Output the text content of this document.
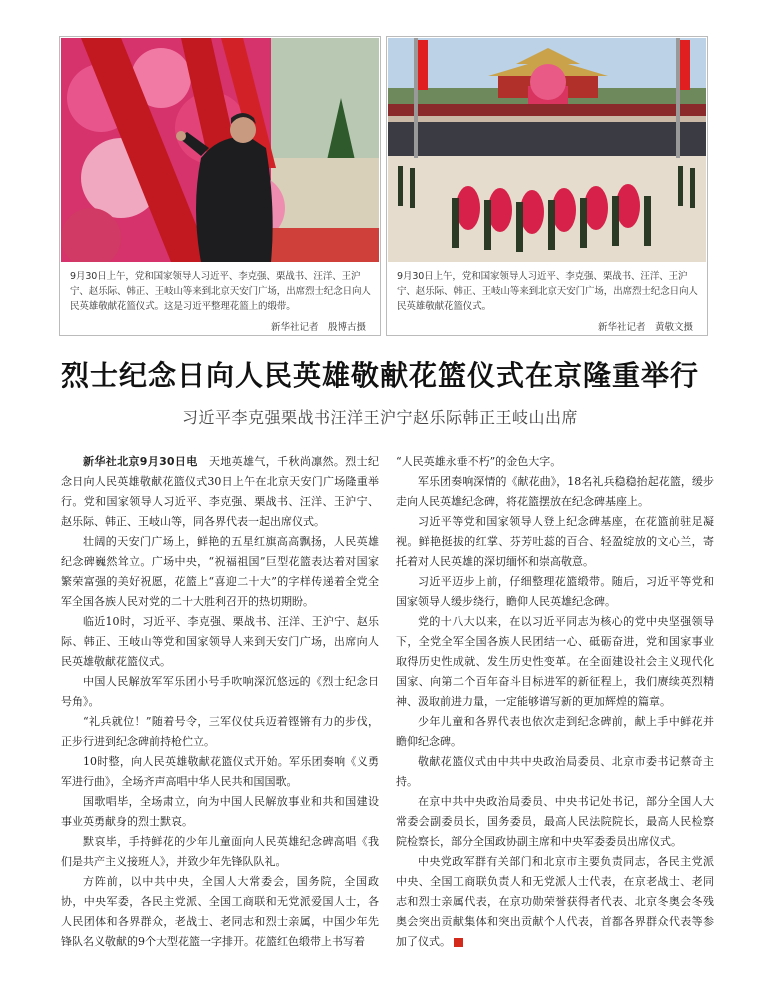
9月30日上午，党和国家领导人习近平、李克强、栗战书、汪洋、王沪宁、赵乐际、韩正、王岐山等来到北京天安门广场，出席烈士纪念日向人民英雄敬献花篮仪式。这是习近平整理花篮上的缎带。
新华社记者　殷博古摄
9月30日上午，党和国家领导人习近平、李克强、栗战书、汪洋、王沪宁、赵乐际、韩正、王岐山等来到北京天安门广场，出席烈士纪念日向人民英雄敬献花篮仪式。
新华社记者　黄敬文摄
烈士纪念日向人民英雄敬献花篮仪式在京隆重举行
习近平李克强栗战书汪洋王沪宁赵乐际韩正王岐山出席

新华社北京9月30日电　天地英雄气，千秋尚凛然。烈士纪念日向人民英雄敬献花篮仪式30日上午在北京天安门广场隆重举行。党和国家领导人习近平、李克强、栗战书、汪洋、王沪宁、赵乐际、韩正、王岐山等，同各界代表一起出席仪式。

壮阔的天安门广场上，鲜艳的五星红旗高高飘扬，人民英雄纪念碑巍然耸立。广场中央，“祝福祖国”巨型花篮表达着对国家繁荣富强的美好祝愿，花篮上“喜迎二十大”的字样传递着全党全军全国各族人民对党的二十大胜利召开的热切期盼。

临近10时，习近平、李克强、栗战书、汪洋、王沪宁、赵乐际、韩正、王岐山等党和国家领导人来到天安门广场，出席向人民英雄敬献花篮仪式。

中国人民解放军军乐团小号手吹响深沉悠远的《烈士纪念日号角》。

“礼兵就位！”随着号令，三军仪仗兵迈着铿锵有力的步伐，正步行进到纪念碑前持枪伫立。

10时整，向人民英雄敬献花篮仪式开始。军乐团奏响《义勇军进行曲》，全场齐声高唱中华人民共和国国歌。

国歌唱毕，全场肃立，向为中国人民解放事业和共和国建设事业英勇献身的烈士默哀。

默哀毕，手持鲜花的少年儿童面向人民英雄纪念碑高唱《我们是共产主义接班人》，并致少年先锋队队礼。

方阵前，以中共中央，全国人大常委会，国务院，全国政协，中央军委，各民主党派、全国工商联和无党派爱国人士，各人民团体和各界群众，老战士、老同志和烈士亲属，中国少年先锋队名义敬献的9个大型花篮一字排开。花篮红色缎带上书写着

“人民英雄永垂不朽”的金色大字。

军乐团奏响深情的《献花曲》，18名礼兵稳稳抬起花篮，缓步走向人民英雄纪念碑，将花篮摆放在纪念碑基座上。

习近平等党和国家领导人登上纪念碑基座，在花篮前驻足凝视。鲜艳挺拔的红掌、芬芳吐蕊的百合、轻盈绽放的文心兰，寄托着对人民英雄的深切缅怀和崇高敬意。

习近平迈步上前，仔细整理花篮缎带。随后，习近平等党和国家领导人缓步绕行，瞻仰人民英雄纪念碑。

党的十八大以来，在以习近平同志为核心的党中央坚强领导下，全党全军全国各族人民团结一心、砥砺奋进，党和国家事业取得历史性成就、发生历史性变革。在全面建设社会主义现代化国家、向第二个百年奋斗目标进军的新征程上，我们赓续英烈精神、汲取前进力量，一定能够谱写新的更加辉煌的篇章。

少年儿童和各界代表也依次走到纪念碑前，献上手中鲜花并瞻仰纪念碑。

敬献花篮仪式由中共中央政治局委员、北京市委书记蔡奇主持。

在京中共中央政治局委员、中央书记处书记，部分全国人大常委会副委员长，国务委员，最高人民法院院长，最高人民检察院检察长，部分全国政协副主席和中央军委委员出席仪式。

中央党政军群有关部门和北京市主要负责同志，各民主党派中央、全国工商联负责人和无党派人士代表，在京老战士、老同志和烈士亲属代表，在京功勋荣誉获得者代表、北京冬奥会冬残奥会突出贡献集体和突出贡献个人代表，首都各界群众代表等参加了仪式。	G
